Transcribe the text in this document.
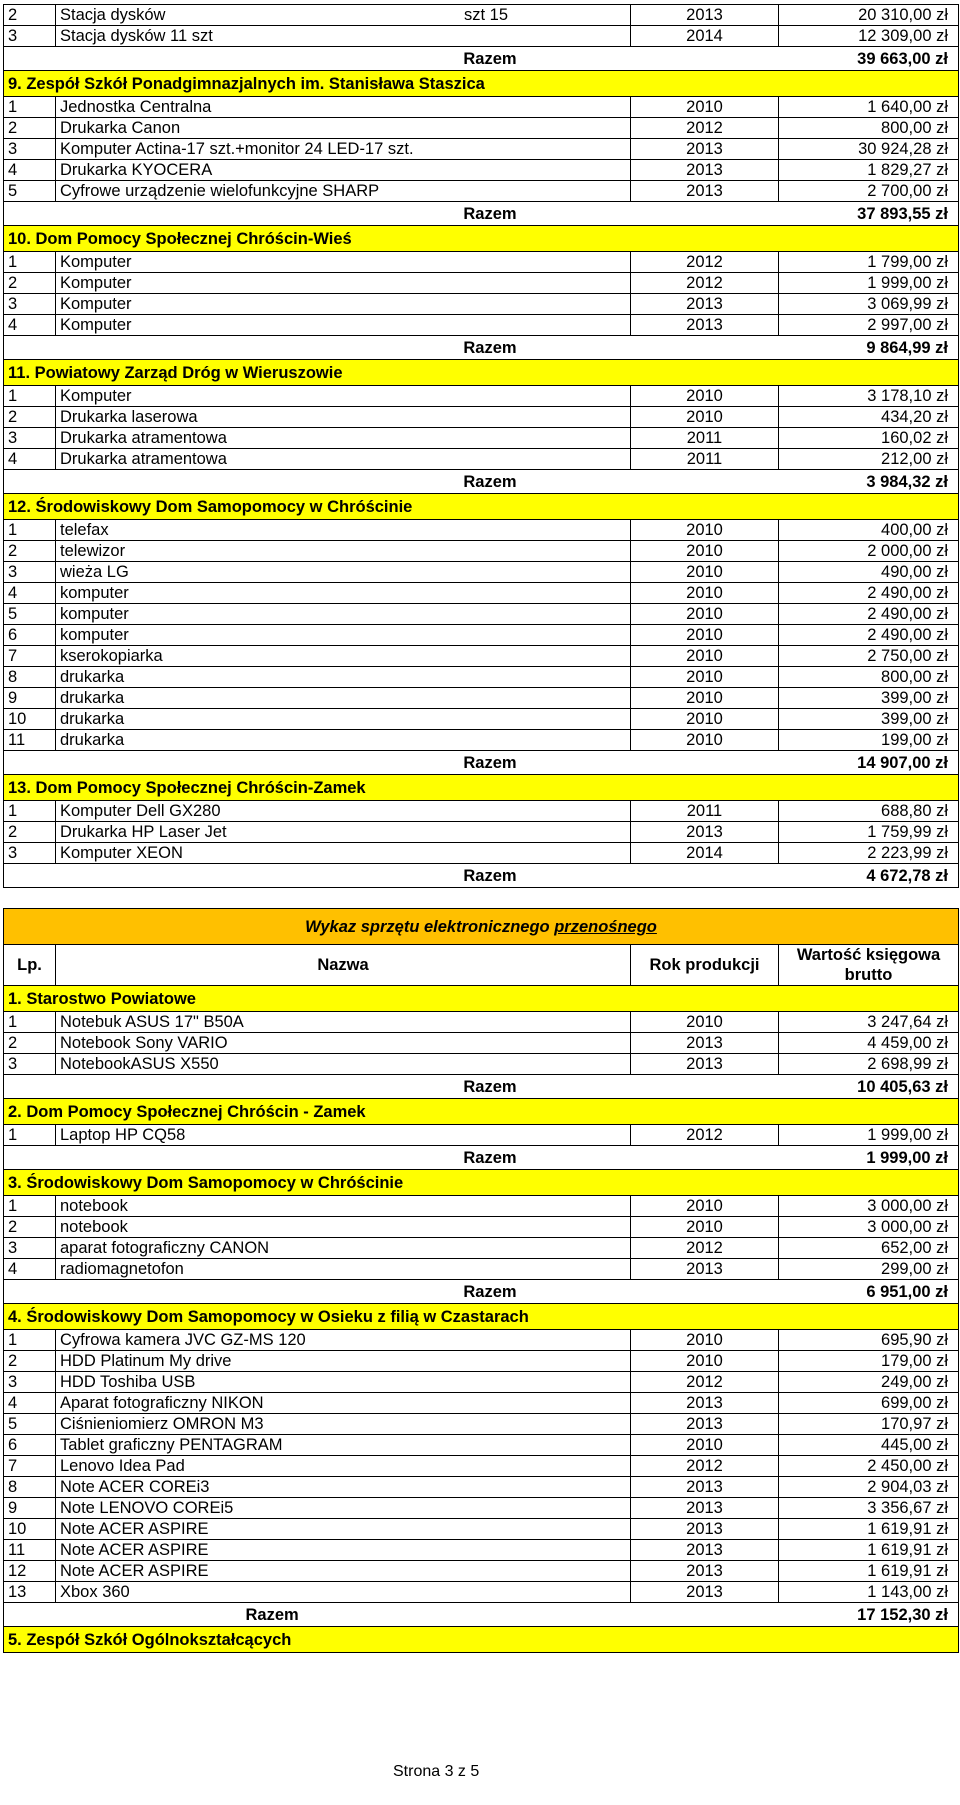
2	Stacja dysków szt 15	2013	20 310,00 zł
3	Stacja dysków 11 szt	2014	12 309,00 zł
	Razem		39 663,00 zł
9. Zespół Szkół Ponadgimnazjalnych im. Stanisława Staszica			
1	Jednostka Centralna	2010	1 640,00 zł
2	Drukarka Canon	2012	800,00 zł
3	Komputer Actina-17 szt.+monitor 24 LED-17 szt.	2013	30 924,28 zł
4	Drukarka KYOCERA	2013	1 829,27 zł
5	Cyfrowe urządzenie wielofunkcyjne SHARP	2013	2 700,00 zł
	Razem		37 893,55 zł
10. Dom Pomocy Społecznej Chróścin-Wieś			
1	Komputer	2012	1 799,00 zł
2	Komputer	2012	1 999,00 zł
3	Komputer	2013	3 069,99 zł
4	Komputer	2013	2 997,00 zł
	Razem		9 864,99 zł
11. Powiatowy Zarząd Dróg w Wieruszowie			
1	Komputer	2010	3 178,10 zł
2	Drukarka laserowa	2010	434,20 zł
3	Drukarka atramentowa	2011	160,02 zł
4	Drukarka atramentowa	2011	212,00 zł
	Razem		3 984,32 zł
12. Środowiskowy Dom Samopomocy w Chróścinie			
1	telefax	2010	400,00 zł
2	telewizor	2010	2 000,00 zł
3	wieża LG	2010	490,00 zł
4	komputer	2010	2 490,00 zł
5	komputer	2010	2 490,00 zł
6	komputer	2010	2 490,00 zł
7	kserokopiarka	2010	2 750,00 zł
8	drukarka	2010	800,00 zł
9	drukarka	2010	399,00 zł
10	drukarka	2010	399,00 zł
11	drukarka	2010	199,00 zł
	Razem		14 907,00 zł
13. Dom Pomocy Społecznej Chróścin-Zamek			
1	Komputer Dell GX280	2011	688,80 zł
2	Drukarka HP Laser Jet	2013	1 759,99 zł
3	Komputer XEON	2014	2 223,99 zł
	Razem		4 672,78 zł

Wykaz sprzętu elektronicznego przenośnego			
Lp.	Nazwa	Rok produkcji	Wartość księgowa brutto
1. Starostwo Powiatowe			
1	Notebuk ASUS 17" B50A	2010	3 247,64 zł
2	Notebook Sony VARIO	2013	4 459,00 zł
3	NotebookASUS X550	2013	2 698,99 zł
	Razem		10 405,63 zł
2. Dom Pomocy Społecznej Chróścin - Zamek			
1	Laptop HP CQ58	2012	1 999,00 zł
	Razem		1 999,00 zł
3. Środowiskowy Dom Samopomocy w Chróścinie			
1	notebook	2010	3 000,00 zł
2	notebook	2010	3 000,00 zł
3	aparat fotograficzny CANON	2012	652,00 zł
4	radiomagnetofon	2013	299,00 zł
	Razem		6 951,00 zł
4. Środowiskowy Dom Samopomocy w Osieku z filią w Czastarach			
1	Cyfrowa kamera JVC GZ-MS 120	2010	695,90 zł
2	HDD Platinum My drive	2010	179,00 zł
3	HDD Toshiba USB	2012	249,00 zł
4	Aparat fotograficzny NIKON	2013	699,00 zł
5	Ciśnieniomierz OMRON M3	2013	170,97 zł
6	Tablet graficzny PENTAGRAM	2010	445,00 zł
7	Lenovo Idea Pad	2012	2 450,00 zł
8	Note ACER COREi3	2013	2 904,03 zł
9	Note LENOVO COREi5	2013	3 356,67 zł
10	Note ACER ASPIRE	2013	1 619,91 zł
11	Note ACER ASPIRE	2013	1 619,91 zł
12	Note ACER ASPIRE	2013	1 619,91 zł
13	Xbox 360	2013	1 143,00 zł
	Razem		17 152,30 zł
5. Zespół Szkół Ogólnokształcących			
Strona 3 z 5
